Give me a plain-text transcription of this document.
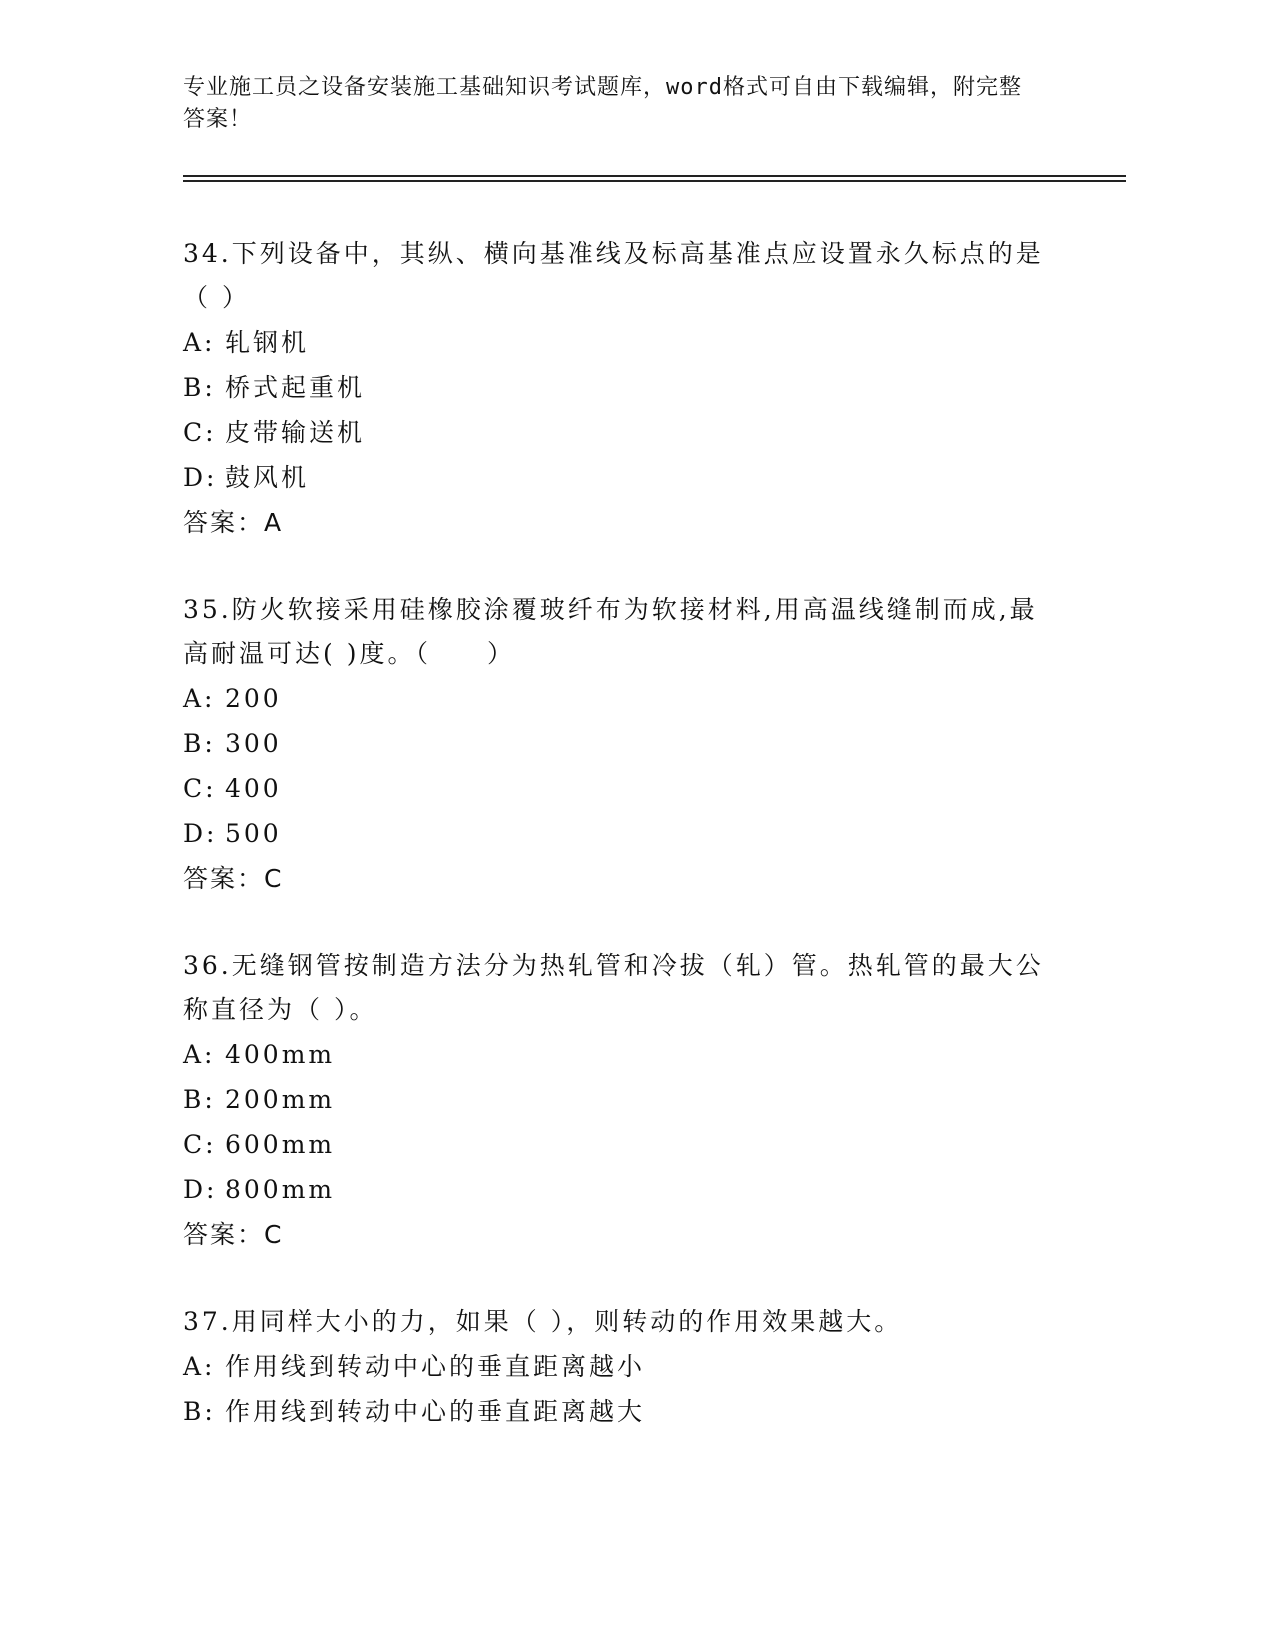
专业施工员之设备安装施工基础知识考试题库，word格式可自由下载编辑，附完整答案！
34.下列设备中，其纵、横向基准线及标高基准点应设置永久标点的是（ ）
A: 轧钢机
B: 桥式起重机
C: 皮带输送机
D: 鼓风机
答案：A
35.防火软接采用硅橡胶涂覆玻纤布为软接材料,用高温线缝制而成,最高耐温可达( )度。（　　）
A: 200
B: 300
C: 400
D: 500
答案：C
36.无缝钢管按制造方法分为热轧管和冷拔（轧）管。热轧管的最大公称直径为（ ）。
A: 400mm
B: 200mm
C: 600mm
D: 800mm
答案：C
37.用同样大小的力，如果（ ），则转动的作用效果越大。
A: 作用线到转动中心的垂直距离越小
B: 作用线到转动中心的垂直距离越大
